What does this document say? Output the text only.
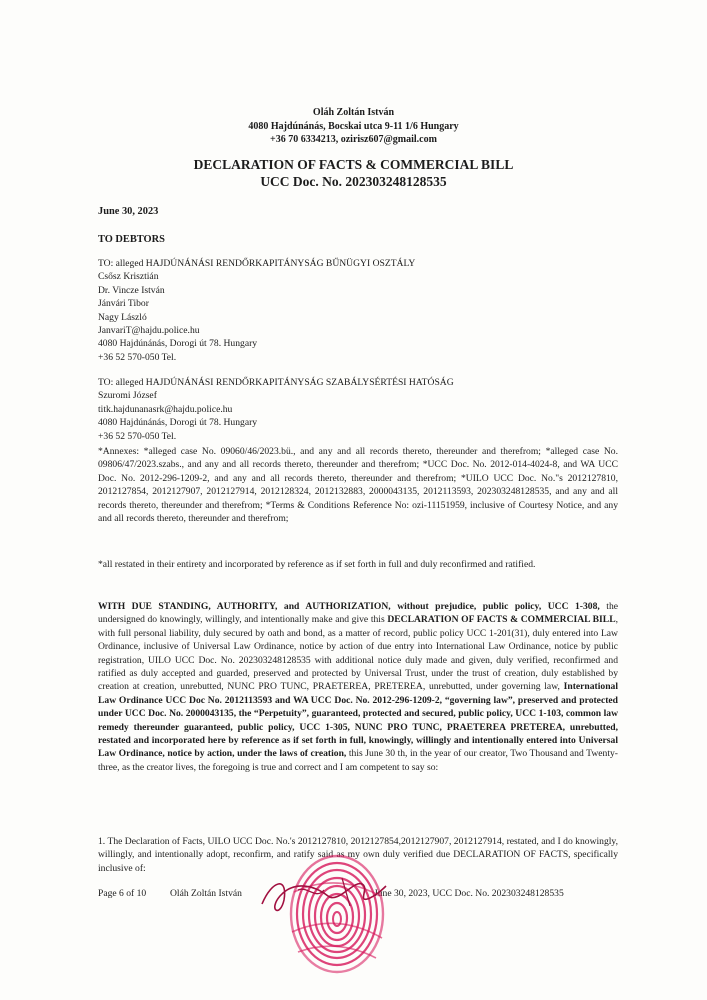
Oláh Zoltán István
4080 Hajdúnánás, Bocskai utca 9-11 1/6 Hungary
+36 70 6334213, ozirisz607@gmail.com
DECLARATION OF FACTS & COMMERCIAL BILL
UCC Doc. No. 202303248128535
June 30, 2023
TO DEBTORS
TO: alleged HAJDÚNÁNÁSI RENDŐRKAPITÁNYSÁG BŰNÜGYI OSZTÁLY
Csősz Krisztián
Dr. Vincze István
Jánvári Tibor
Nagy László
JanvariT@hajdu.police.hu
4080 Hajdúnánás, Dorogi út 78. Hungary
+36 52 570-050 Tel.
TO: alleged HAJDÚNÁNÁSI RENDŐRKAPITÁNYSÁG SZABÁLYSÉRTÉSI HATÓSÁG
Szuromi József
titk.hajdunanasrk@hajdu.police.hu
4080 Hajdúnánás, Dorogi út 78. Hungary
+36 52 570-050 Tel.

*Annexes: *alleged case No. 09060/46/2023.bü., and any and all records thereto, thereunder and therefrom; *alleged case No. 09806/47/2023.szabs., and any and all records thereto, thereunder and therefrom; *UCC Doc. No. 2012-014-4024-8, and WA UCC Doc. No. 2012-296-1209-2, and any and all records thereto, thereunder and therefrom; *UILO UCC Doc. No."s 2012127810, 2012127854, 2012127907, 2012127914, 2012128324, 2012132883, 2000043135, 2012113593, 202303248128535, and any and all records thereto, thereunder and therefrom; *Terms & Conditions Reference No: ozi-11151959, inclusive of Courtesy Notice, and any and all records thereto, thereunder and therefrom;

*all restated in their entirety and incorporated by reference as if set forth in full and duly reconfirmed and ratified.

WITH DUE STANDING, AUTHORITY, and AUTHORIZATION, without prejudice, public policy, UCC 1-308, the undersigned do knowingly, willingly, and intentionally make and give this DECLARATION OF FACTS & COMMERCIAL BILL, with full personal liability, duly secured by oath and bond, as a matter of record, public policy UCC 1-201(31), duly entered into Law Ordinance, inclusive of Universal Law Ordinance, notice by action of due entry into International Law Ordinance, notice by public registration, UILO UCC Doc. No. 202303248128535 with additional notice duly made and given, duly verified, reconfirmed and ratified as duly accepted and guarded, preserved and protected by Universal Trust, under the trust of creation, duly established by creation at creation, unrebutted, NUNC PRO TUNC, PRAETEREA, PRETEREA, unrebutted, under governing law, International Law Ordinance UCC Doc No. 2012113593 and WA UCC Doc. No. 2012-296-1209-2, “governing law”, preserved and protected under UCC Doc. No. 2000043135, the “Perpetuity”, guaranteed, protected and secured, public policy, UCC 1-103, common law remedy thereunder guaranteed, public policy, UCC 1-305, NUNC PRO TUNC, PRAETEREA PRETEREA, unrebutted, restated and incorporated here by reference as if set forth in full, knowingly, willingly and intentionally entered into Universal Law Ordinance, notice by action, under the laws of creation, this June 30 th, in the year of our creator, Two Thousand and Twenty-three, as the creator lives, the foregoing is true and correct and I am competent to say so:

1. The Declaration of Facts, UILO UCC Doc. No.'s 2012127810, 2012127854,2012127907, 2012127914, restated, and I do knowingly, willingly, and intentionally adopt, reconfirm, and ratify said as my own duly verified due DECLARATION OF FACTS, specifically inclusive of:

Page 6 of 10 Oláh Zoltán István	June 30, 2023, UCC Doc. No. 202303248128535
